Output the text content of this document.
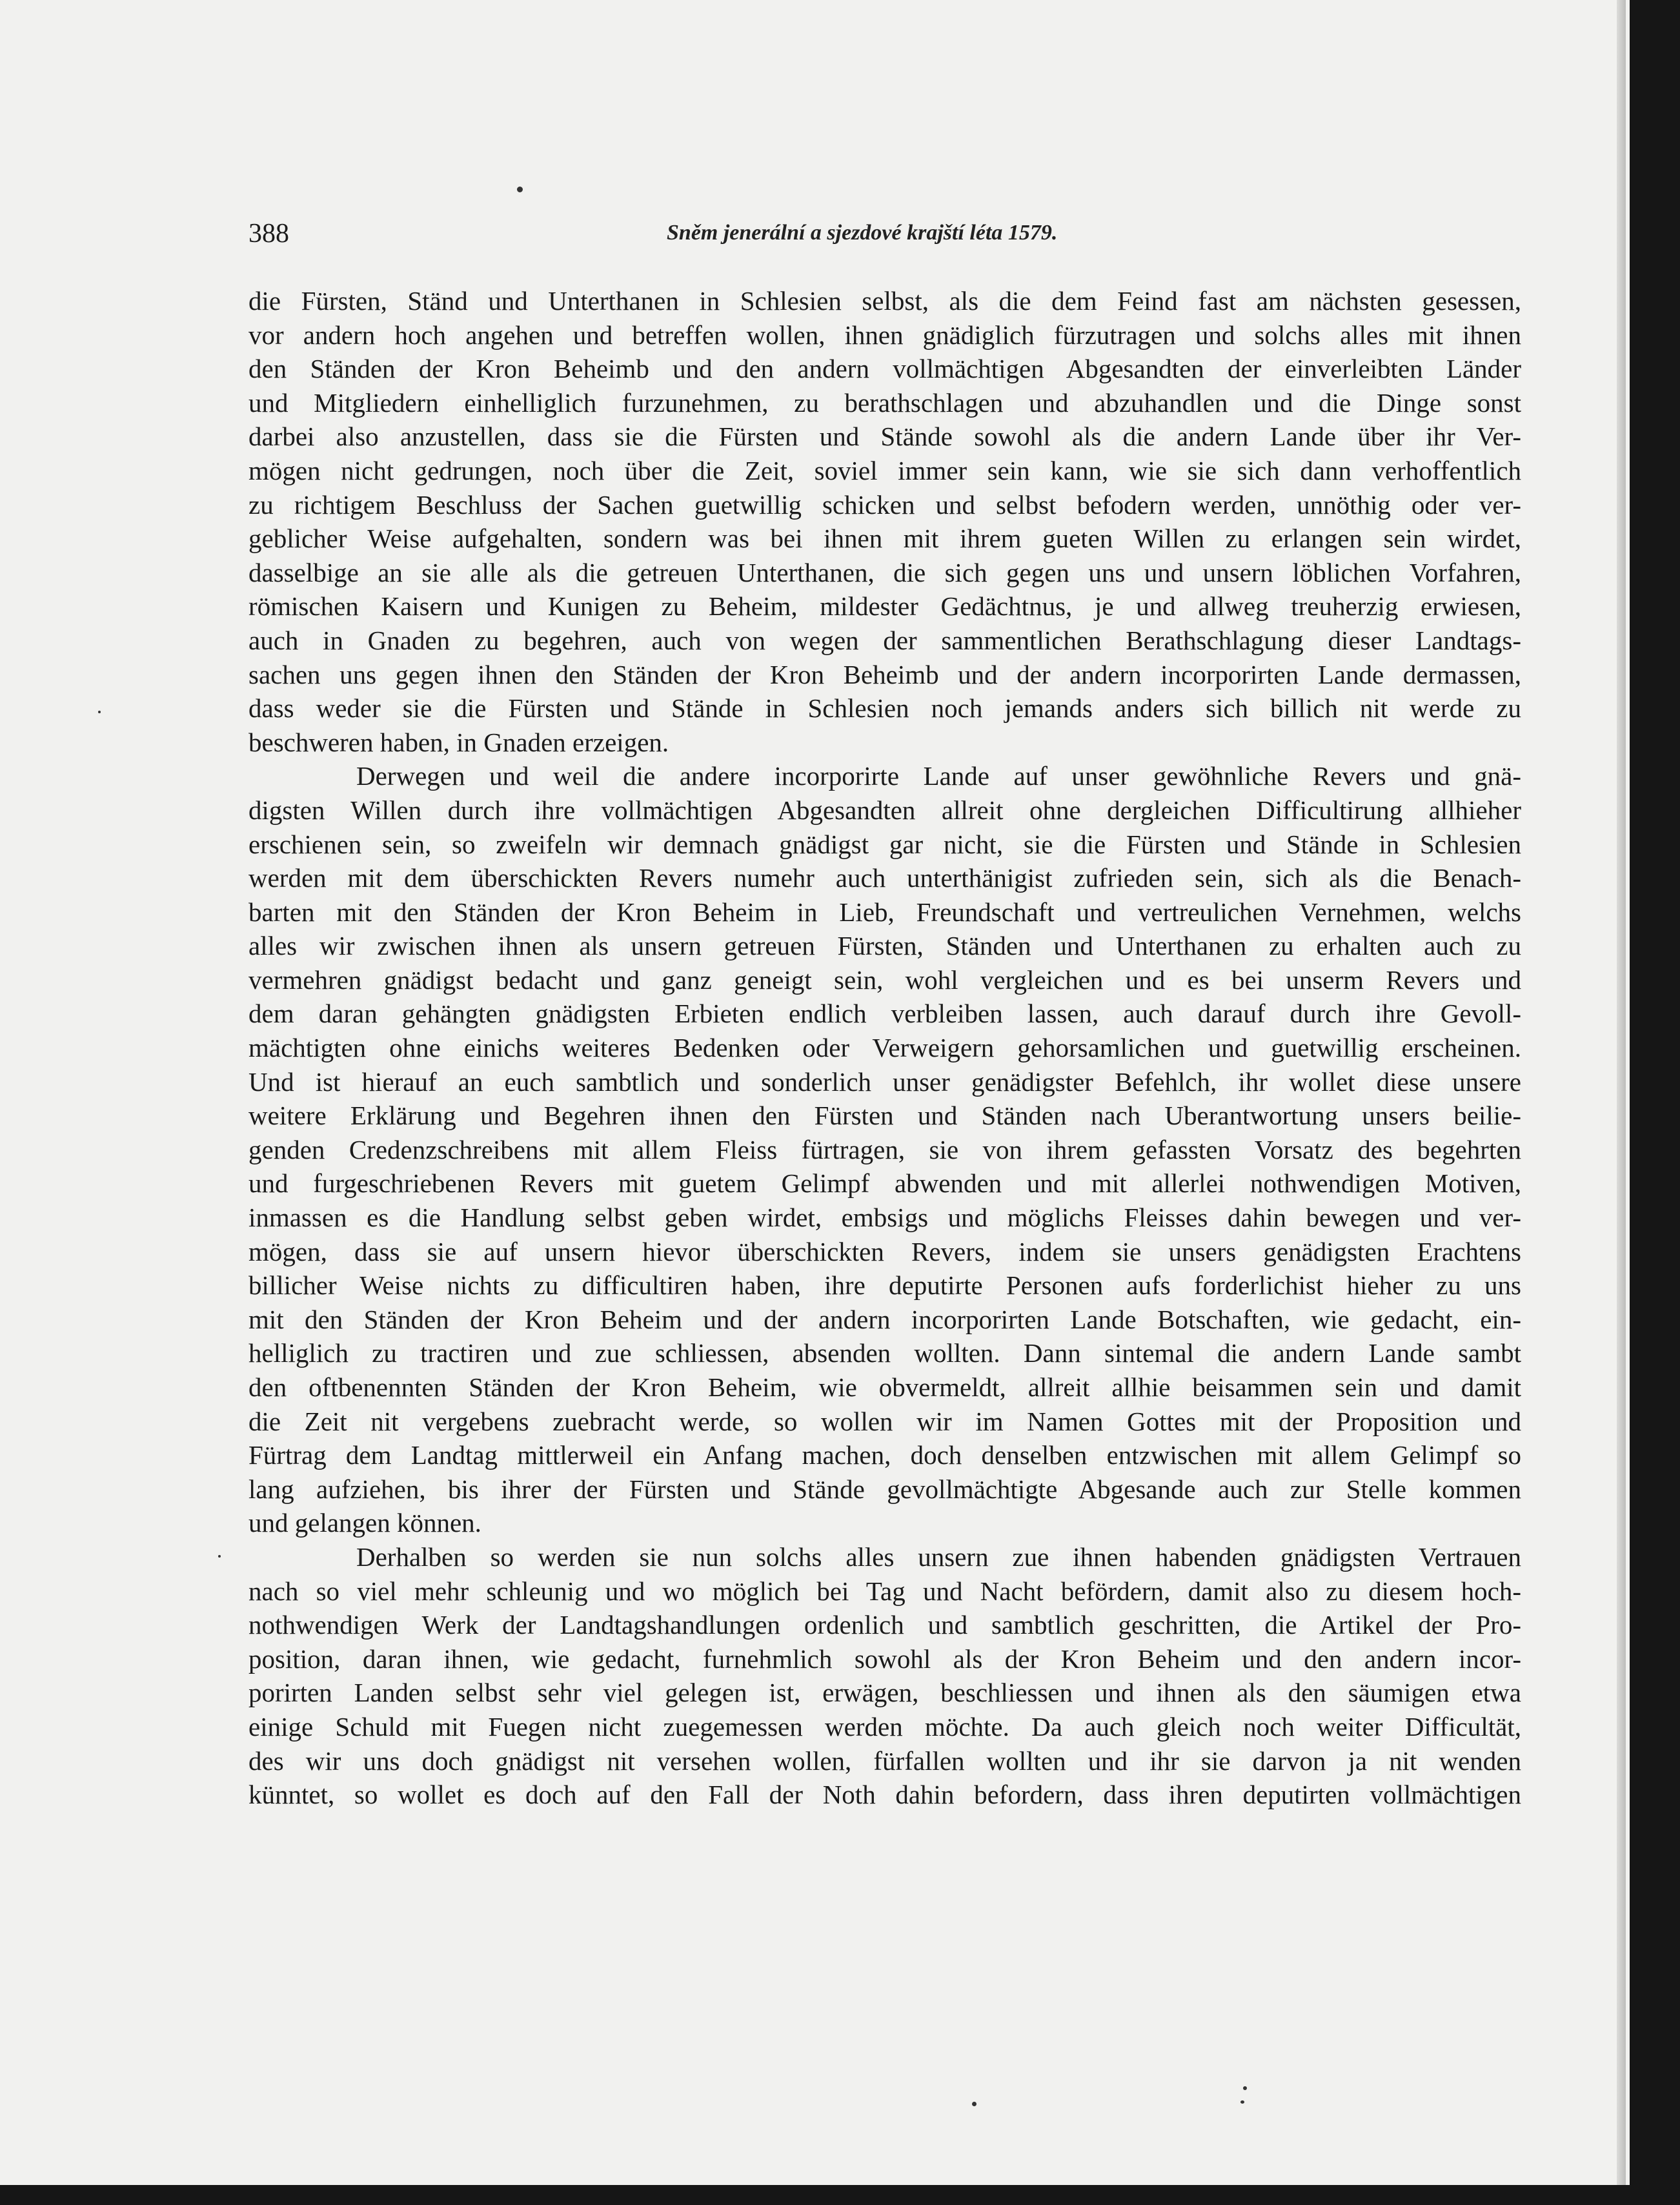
388	Sněm jenerální a sjezdové krajští léta 1579.
die Fürsten, Ständ und Unterthanen in Schlesien selbst, als die dem Feind fast am nächsten gesessen,
vor andern hoch angehen und betreffen wollen, ihnen gnädiglich fürzutragen und solchs alles mit ihnen
den Ständen der Kron Beheimb und den andern vollmächtigen Abgesandten der einverleibten Länder
und Mitgliedern einhelliglich furzunehmen, zu berathschlagen und abzuhandlen und die Dinge sonst
darbei also anzustellen, dass sie die Fürsten und Stände sowohl als die andern Lande über ihr Ver-
mögen nicht gedrungen, noch über die Zeit, soviel immer sein kann, wie sie sich dann verhoffentlich
zu richtigem Beschluss der Sachen guetwillig schicken und selbst befodern werden, unnöthig oder ver-
geblicher Weise aufgehalten, sondern was bei ihnen mit ihrem gueten Willen zu erlangen sein wirdet,
dasselbige an sie alle als die getreuen Unterthanen, die sich gegen uns und unsern löblichen Vorfahren,
römischen Kaisern und Kunigen zu Beheim, mildester Gedächtnus, je und allweg treuherzig erwiesen,
auch in Gnaden zu begehren, auch von wegen der sammentlichen Berathschlagung dieser Landtags-
sachen uns gegen ihnen den Ständen der Kron Beheimb und der andern incorporirten Lande dermassen,
dass weder sie die Fürsten und Stände in Schlesien noch jemands anders sich billich nit werde zu
beschweren haben, in Gnaden erzeigen.
Derwegen und weil die andere incorporirte Lande auf unser gewöhnliche Revers und gnä-
digsten Willen durch ihre vollmächtigen Abgesandten allreit ohne dergleichen Difficultirung allhieher
erschienen sein, so zweifeln wir demnach gnädigst gar nicht, sie die Fürsten und Stände in Schlesien
werden mit dem überschickten Revers numehr auch unterthänigist zufrieden sein, sich als die Benach-
barten mit den Ständen der Kron Beheim in Lieb, Freundschaft und vertreulichen Vernehmen, welchs
alles wir zwischen ihnen als unsern getreuen Fürsten, Ständen und Unterthanen zu erhalten auch zu
vermehren gnädigst bedacht und ganz geneigt sein, wohl vergleichen und es bei unserm Revers und
dem daran gehängten gnädigsten Erbieten endlich verbleiben lassen, auch darauf durch ihre Gevoll-
mächtigten ohne einichs weiteres Bedenken oder Verweigern gehorsamlichen und guetwillig erscheinen.
Und ist hierauf an euch sambtlich und sonderlich unser genädigster Befehlch, ihr wollet diese unsere
weitere Erklärung und Begehren ihnen den Fürsten und Ständen nach Uberantwortung unsers beilie-
genden Credenzschreibens mit allem Fleiss fürtragen, sie von ihrem gefassten Vorsatz des begehrten
und furgeschriebenen Revers mit guetem Gelimpf abwenden und mit allerlei nothwendigen Motiven,
inmassen es die Handlung selbst geben wirdet, embsigs und möglichs Fleisses dahin bewegen und ver-
mögen, dass sie auf unsern hievor überschickten Revers, indem sie unsers genädigsten Erachtens
billicher Weise nichts zu difficultiren haben, ihre deputirte Personen aufs forderlichist hieher zu uns
mit den Ständen der Kron Beheim und der andern incorporirten Lande Botschaften, wie gedacht, ein-
helliglich zu tractiren und zue schliessen, absenden wollten. Dann sintemal die andern Lande sambt
den oftbenennten Ständen der Kron Beheim, wie obvermeldt, allreit allhie beisammen sein und damit
die Zeit nit vergebens zuebracht werde, so wollen wir im Namen Gottes mit der Proposition und
Fürtrag dem Landtag mittlerweil ein Anfang machen, doch denselben entzwischen mit allem Gelimpf so
lang aufziehen, bis ihrer der Fürsten und Stände gevollmächtigte Abgesande auch zur Stelle kommen
und gelangen können.
Derhalben so werden sie nun solchs alles unsern zue ihnen habenden gnädigsten Vertrauen
nach so viel mehr schleunig und wo möglich bei Tag und Nacht befördern, damit also zu diesem hoch-
nothwendigen Werk der Landtagshandlungen ordenlich und sambtlich geschritten, die Artikel der Pro-
position, daran ihnen, wie gedacht, furnehmlich sowohl als der Kron Beheim und den andern incor-
porirten Landen selbst sehr viel gelegen ist, erwägen, beschliessen und ihnen als den säumigen etwa
einige Schuld mit Fuegen nicht zuegemessen werden möchte. Da auch gleich noch weiter Difficultät,
des wir uns doch gnädigst nit versehen wollen, fürfallen wollten und ihr sie darvon ja nit wenden
künntet, so wollet es doch auf den Fall der Noth dahin befordern, dass ihren deputirten vollmächtigen
